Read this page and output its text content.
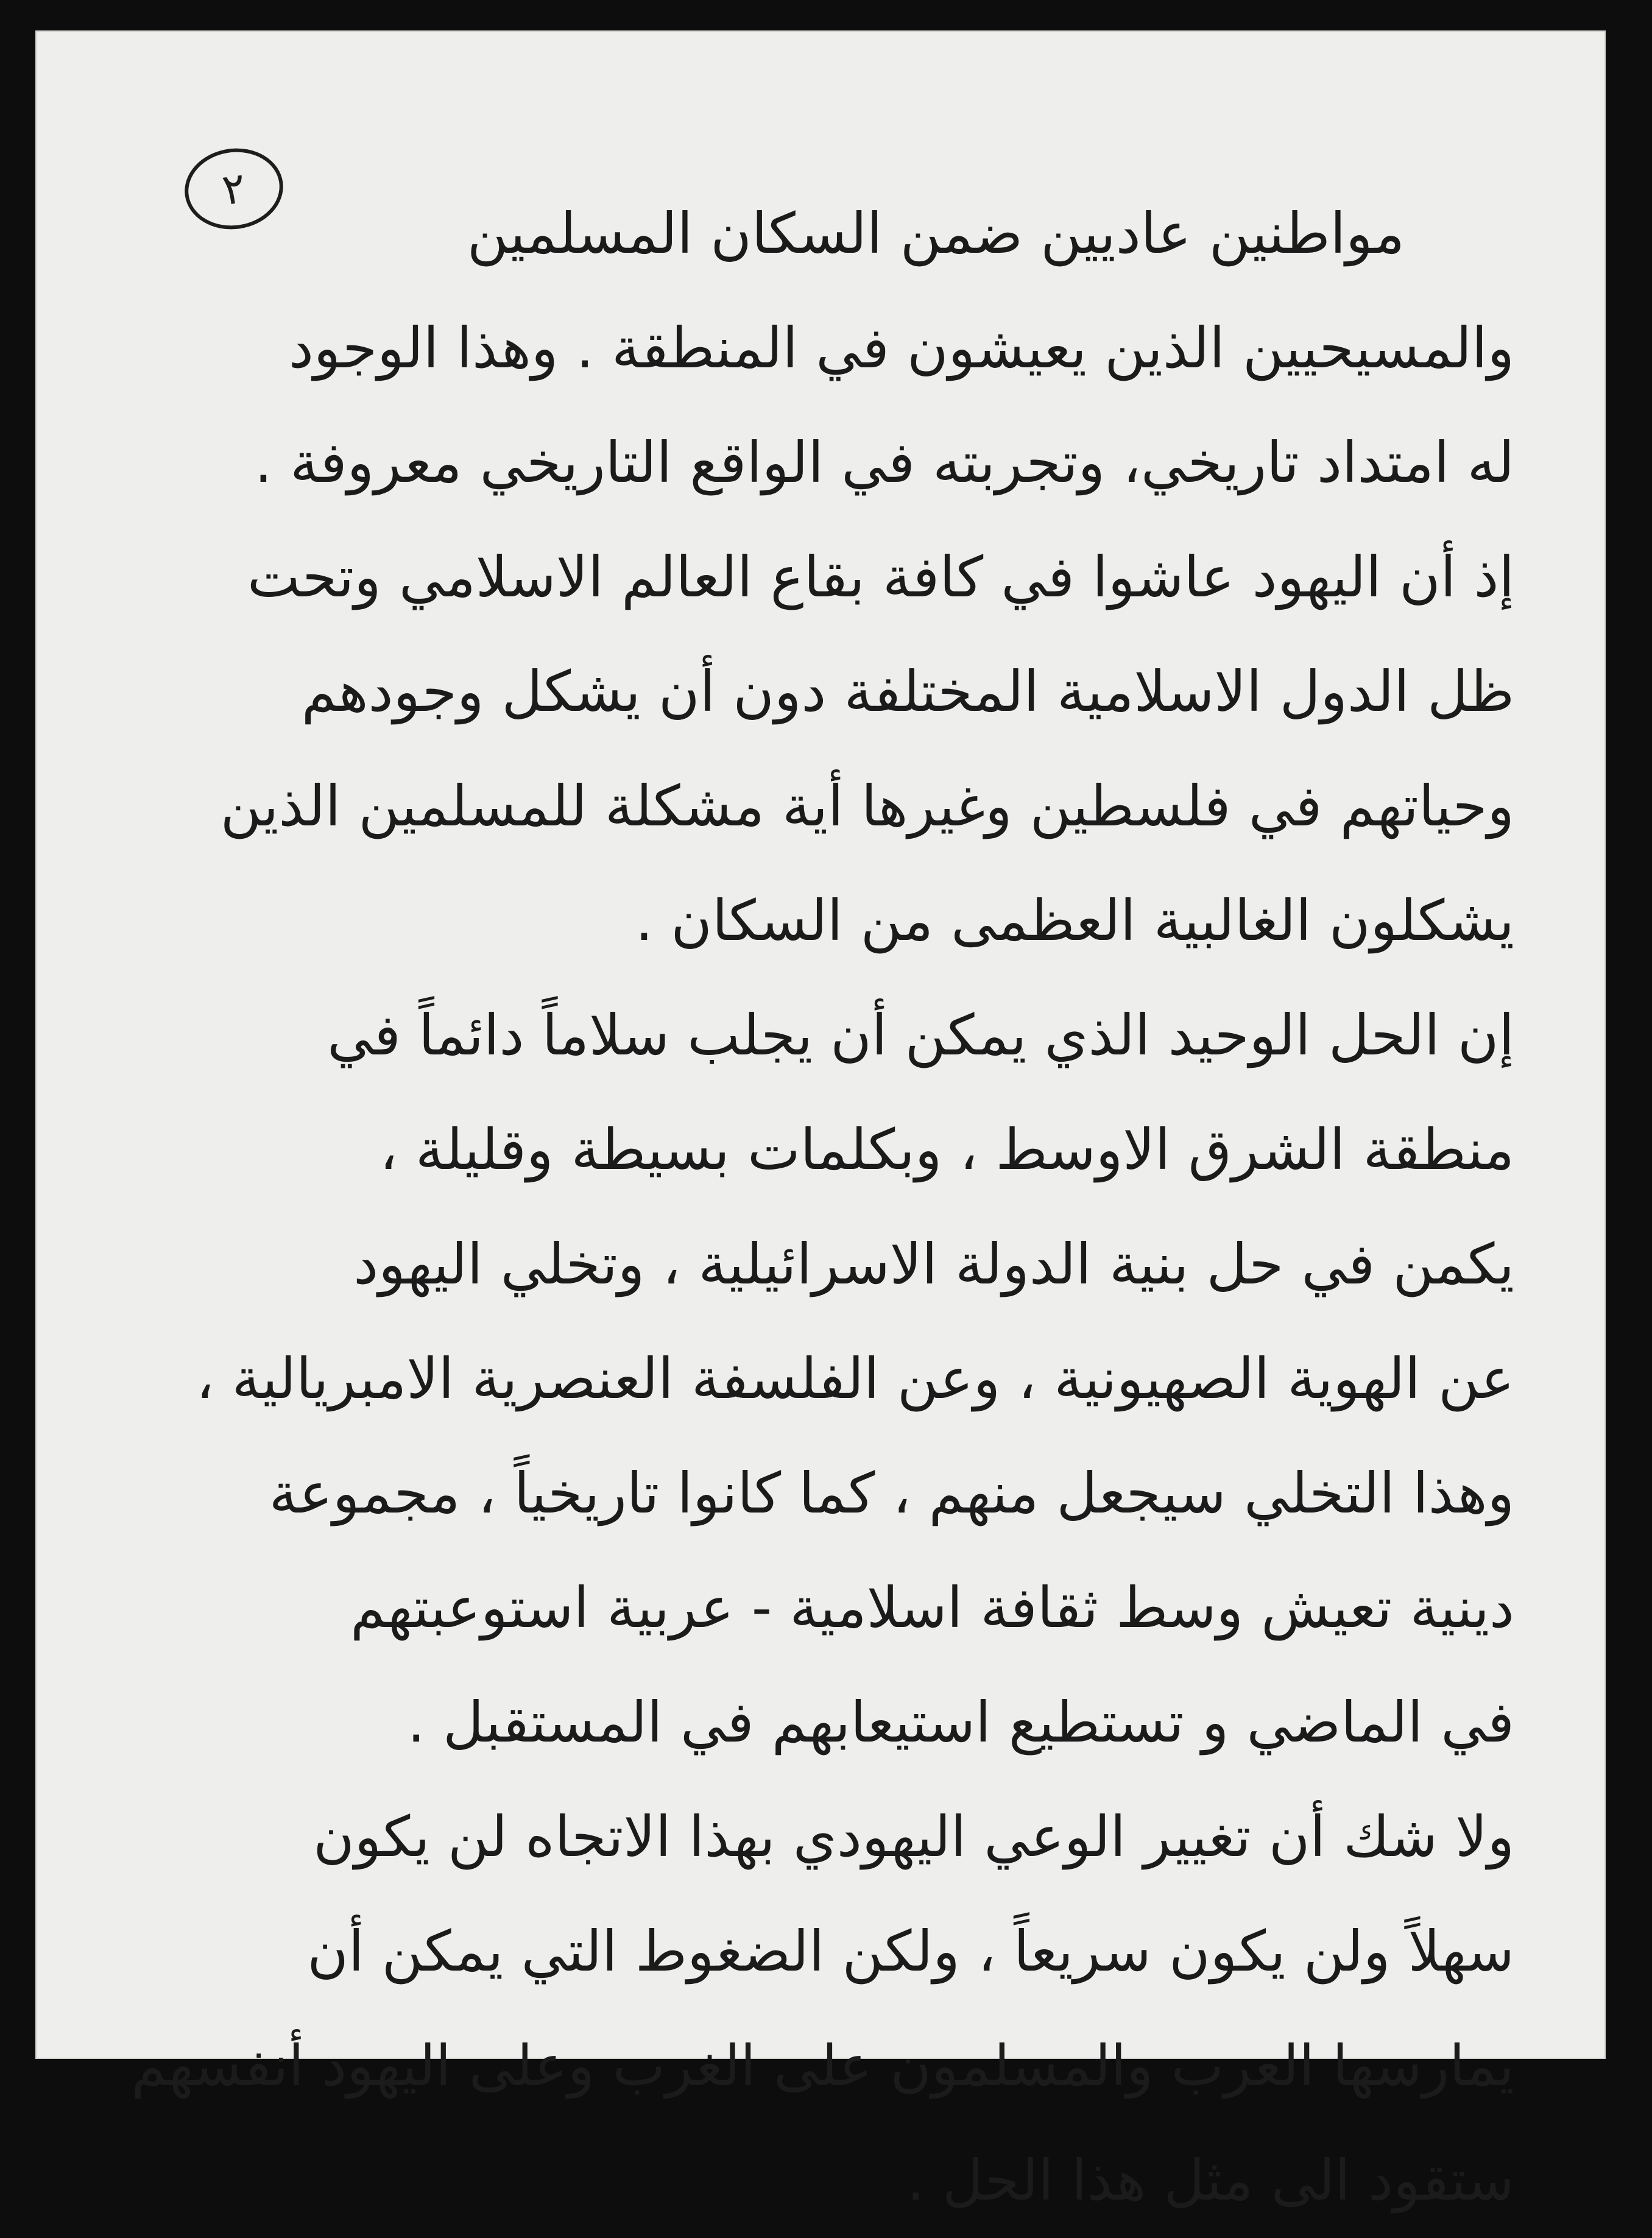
٢
مواطنين عاديين ضمن السكان المسلمين
والمسيحيين الذين يعيشون في المنطقة . وهذا الوجود
له امتداد تاريخي، وتجربته في الواقع التاريخي معروفة .
إذ أن اليهود عاشوا في كافة بقاع العالم الاسلامي وتحت
ظل الدول الاسلامية المختلفة دون أن يشكل وجودهم
وحياتهم في فلسطين وغيرها أية مشكلة للمسلمين الذين
يشكلون الغالبية العظمى من السكان .
إن الحل الوحيد الذي يمكن أن يجلب سلاماً دائماً في
منطقة الشرق الاوسط ، وبكلمات بسيطة وقليلة ،
يكمن في حل بنية الدولة الاسرائيلية ، وتخلي اليهود
عن الهوية الصهيونية ، وعن الفلسفة العنصرية الامبريالية ،
وهذا التخلي سيجعل منهم ، كما كانوا تاريخياً ، مجموعة
دينية تعيش وسط ثقافة اسلامية - عربية استوعبتهم
في الماضي و تستطيع استيعابهم في المستقبل .
ولا شك أن تغيير الوعي اليهودي بهذا الاتجاه لن يكون
سهلاً ولن يكون سريعاً ، ولكن الضغوط التي يمكن أن
يمارسها العرب والمسلمون على الغرب وعلى اليهود أنفسهم
ستقود الى مثل هذا الحل .
